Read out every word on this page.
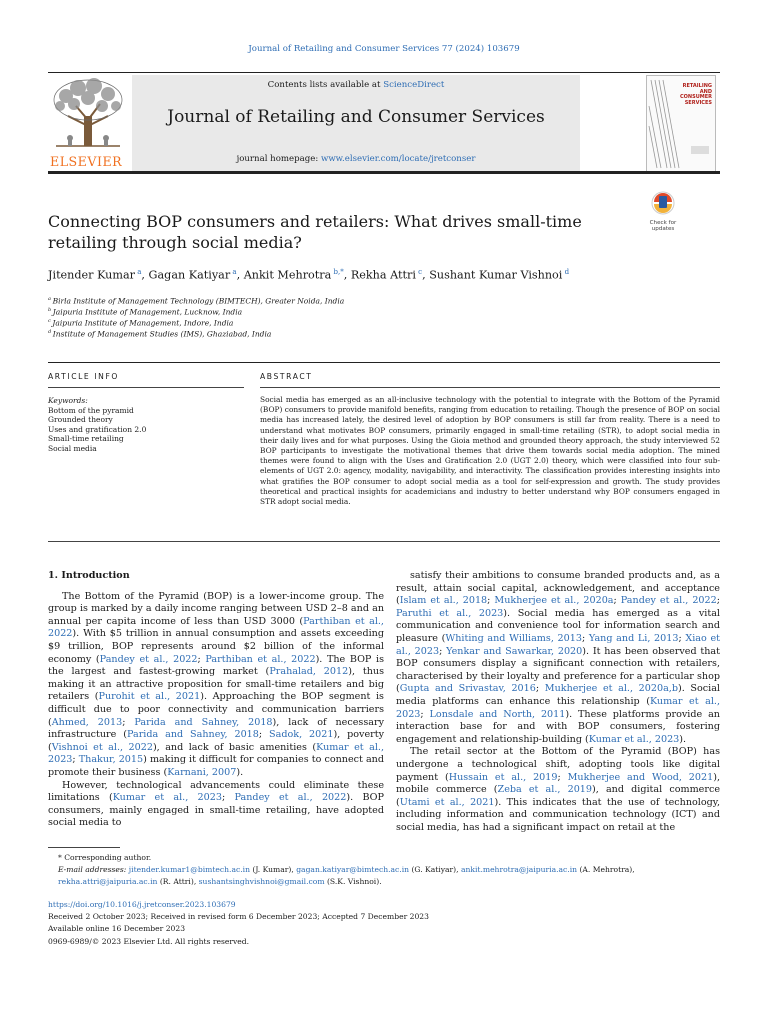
Journal of Retailing and Consumer Services 77 (2024) 103679
ELSEVIER
Contents lists available at ScienceDirect
Journal of Retailing and Consumer Services
journal homepage: www.elsevier.com/locate/jretconser
RETAILING AND CONSUMER SERVICES
Connecting BOP consumers and retailers: What drives small-time retailing through social media?
Check for updates
Jitender Kumar $^a$, Gagan Katiyar $^a$, Ankit Mehrotra $^{b,*}$, Rekha Attri $^c$, Sushant Kumar Vishnoi $^d$
$^a$ Birla Institute of Management Technology (BIMTECH), Greater Noida, India
$^b$ Jaipuria Institute of Management, Lucknow, India
$^c$ Jaipuria Institute of Management, Indore, India
$^d$ Institute of Management Studies (IMS), Ghaziabad, India
ARTICLE INFO	ABSTRACT
Keywords:
Bottom of the pyramid
Grounded theory
Uses and gratification 2.0
Small-time retailing
Social media
Social media has emerged as an all-inclusive technology with the potential to integrate with the Bottom of the Pyramid (BOP) consumers to provide manifold benefits, ranging from education to retailing. Though the presence of BOP on social media has increased lately, the desired level of adoption by BOP consumers is still far from reality. There is a need to understand what motivates BOP consumers, primarily engaged in small-time retailing (STR), to adopt social media in their daily lives and for what purposes. Using the Gioia method and grounded theory approach, the study interviewed 52 BOP participants to investigate the motivational themes that drive them towards social media adoption. The mined themes were found to align with the Uses and Gratification 2.0 (UGT 2.0) theory, which were classified into four sub-elements of UGT 2.0: agency, modality, navigability, and interactivity. The classification provides interesting insights into what gratifies the BOP consumer to adopt social media as a tool for self-expression and growth. The study provides theoretical and practical insights for academicians and industry to better understand why BOP consumers engaged in STR adopt social media.
1. Introduction

The Bottom of the Pyramid (BOP) is a lower-income group. The group is marked by a daily income ranging between USD 2–8 and an annual per capita income of less than USD 3000 (Parthiban et al., 2022). With $5 trillion in annual consumption and assets exceeding $9 trillion, BOP represents around $2 billion of the informal economy (Pandey et al., 2022; Parthiban et al., 2022). The BOP is the largest and fastest-growing market (Prahalad, 2012), thus making it an attractive proposition for small-time retailers and big retailers (Purohit et al., 2021). Approaching the BOP segment is difficult due to poor connectivity and communication barriers (Ahmed, 2013; Parida and Sahney, 2018), lack of necessary infrastructure (Parida and Sahney, 2018; Sadok, 2021), poverty (Vishnoi et al., 2022), and lack of basic amenities (Kumar et al., 2023; Thakur, 2015) making it difficult for companies to connect and promote their business (Karnani, 2007).

However, technological advancements could eliminate these limitations (Kumar et al., 2023; Pandey et al., 2022). BOP consumers, mainly engaged in small-time retailing, have adopted social media to

satisfy their ambitions to consume branded products and, as a result, attain social capital, acknowledgement, and acceptance (Islam et al., 2018; Mukherjee et al., 2020a; Pandey et al., 2022; Paruthi et al., 2023). Social media has emerged as a vital communication and convenience tool for information search and pleasure (Whiting and Williams, 2013; Yang and Li, 2013; Xiao et al., 2023; Yenkar and Sawarkar, 2020). It has been observed that BOP consumers display a significant connection with retailers, characterised by their loyalty and preference for a particular shop (Gupta and Srivastav, 2016; Mukherjee et al., 2020a,b). Social media platforms can enhance this relationship (Kumar et al., 2023; Lonsdale and North, 2011). These platforms provide an interaction base for and with BOP consumers, fostering engagement and relationship-building (Kumar et al., 2023).

The retail sector at the Bottom of the Pyramid (BOP) has undergone a technological shift, adopting tools like digital payment (Hussain et al., 2019; Mukherjee and Wood, 2021), mobile commerce (Zeba et al., 2019), and digital commerce (Utami et al., 2021). This indicates that the use of technology, including information and communication technology (ICT) and social media, has had a significant impact on retail at the

* Corresponding author.
E-mail addresses: jitender.kumar1@bimtech.ac.in (J. Kumar), gagan.katiyar@bimtech.ac.in (G. Katiyar), ankit.mehrotra@jaipuria.ac.in (A. Mehrotra), rekha.attri@jaipuria.ac.in (R. Attri), sushantsinghvishnoi@gmail.com (S.K. Vishnoi).
https://doi.org/10.1016/j.jretconser.2023.103679
Received 2 October 2023; Received in revised form 6 December 2023; Accepted 7 December 2023
Available online 16 December 2023
0969-6989/© 2023 Elsevier Ltd. All rights reserved.
